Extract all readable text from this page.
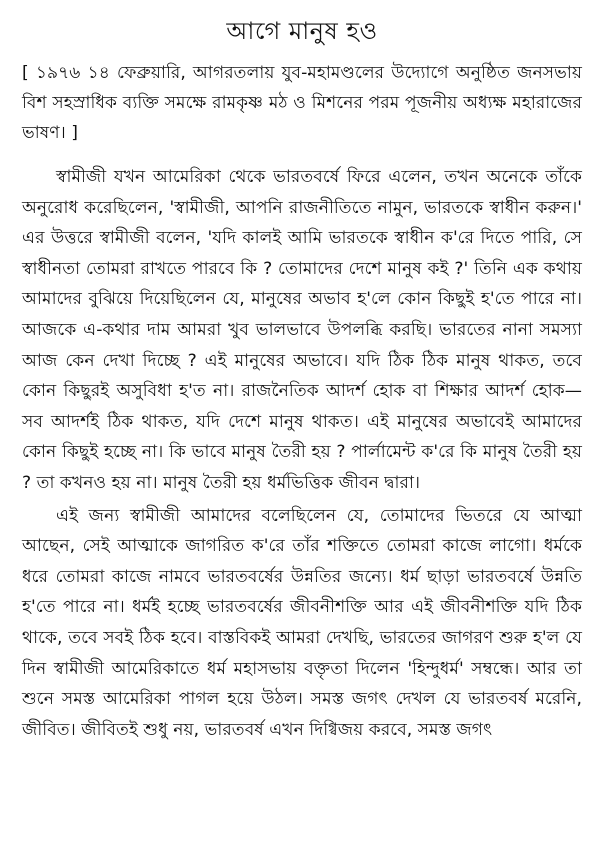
আগে মানুষ হও

[ ১৯৭৬ ১৪ ফেব্রুয়ারি, আগরতলায় যুব-মহামণ্ডলের উদ্যোগে অনুষ্ঠিত জনসভায় বিশ সহস্রাধিক ব্যক্তি সমক্ষে রামকৃষ্ণ মঠ ও মিশনের পরম পূজনীয় অধ্যক্ষ মহারাজের ভাষণ। ]

স্বামীজী যখন আমেরিকা থেকে ভারতবর্ষে ফিরে এলেন, তখন অনেকে তাঁকে অনুরোধ করেছিলেন, 'স্বামীজী, আপনি রাজনীতিতে নামুন, ভারতকে স্বাধীন করুন।' এর উত্তরে স্বামীজী বলেন, 'যদি কালই আমি ভারতকে স্বাধীন ক'রে দিতে পারি, সে স্বাধীনতা তোমরা রাখতে পারবে কি ? তোমাদের দেশে মানুষ কই ?' তিনি এক কথায় আমাদের বুঝিয়ে দিয়েছিলেন যে, মানুষের অভাব হ'লে কোন কিছুই হ'তে পারে না। আজকে এ-কথার দাম আমরা খুব ভালভাবে উপলব্ধি করছি। ভারতের নানা সমস্যা আজ কেন দেখা দিচ্ছে ? এই মানুষের অভাবে। যদি ঠিক ঠিক মানুষ থাকত, তবে কোন কিছুরই অসুবিধা হ'ত না। রাজনৈতিক আদর্শ হোক বা শিক্ষার আদর্শ হোক—সব আদর্শই ঠিক থাকত, যদি দেশে মানুষ থাকত। এই মানুষের অভাবেই আমাদের কোন কিছুই হচ্ছে না। কি ভাবে মানুষ তৈরী হয় ? পার্লামেন্ট ক'রে কি মানুষ তৈরী হয় ? তা কখনও হয় না। মানুষ তৈরী হয় ধর্মভিত্তিক জীবন দ্বারা।

এই জন্য স্বামীজী আমাদের বলেছিলেন যে, তোমাদের ভিতরে যে আত্মা আছেন, সেই আত্মাকে জাগরিত ক'রে তাঁর শক্তিতে তোমরা কাজে লাগো। ধর্মকে ধরে তোমরা কাজে নামবে ভারতবর্ষের উন্নতির জন্যে। ধর্ম ছাড়া ভারতবর্ষে উন্নতি হ'তে পারে না। ধর্মই হচ্ছে ভারতবর্ষের জীবনীশক্তি আর এই জীবনীশক্তি যদি ঠিক থাকে, তবে সবই ঠিক হবে। বাস্তবিকই আমরা দেখছি, ভারতের জাগরণ শুরু হ'ল যে দিন স্বামীজী আমেরিকাতে ধর্ম মহাসভায় বক্তৃতা দিলেন 'হিন্দুধর্ম' সম্বন্ধে। আর তা শুনে সমস্ত আমেরিকা পাগল হয়ে উঠল। সমস্ত জগৎ দেখল যে ভারতবর্ষ মরেনি, জীবিত। জীবিতই শুধু নয়, ভারতবর্ষ এখন দিগ্বিজয় করবে, সমস্ত জগৎ
